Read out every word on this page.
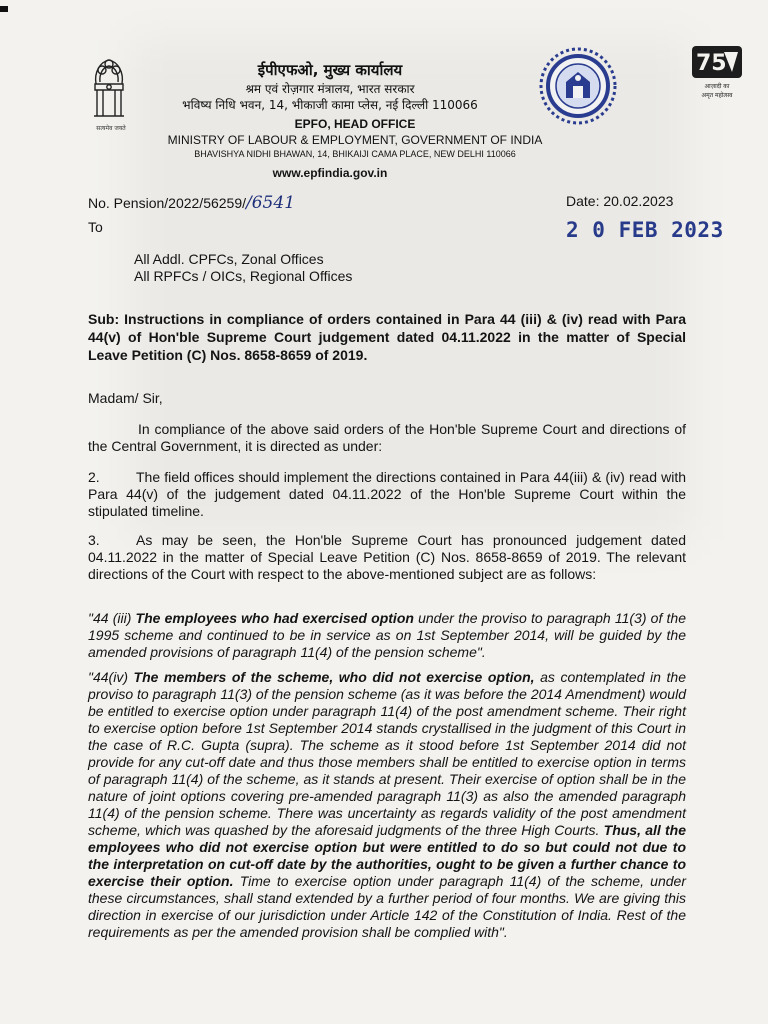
सत्यमेव जयते
ईपीएफओ, मुख्य कार्यालय
श्रम एवं रोज़गार मंत्रालय, भारत सरकार
भविष्य निधि भवन, 14, भीकाजी कामा प्लेस, नई दिल्ली 110066
EPFO, HEAD OFFICE
MINISTRY OF LABOUR & EMPLOYMENT, GOVERNMENT OF INDIA
BHAVISHYA NIDHI BHAWAN, 14, BHIKAIJI CAMA PLACE, NEW DELHI 110066
www.epfindia.gov.in
75
आज़ादी का
अमृत महोत्सव
No. Pension/2022/56259//6541	Date: 20.02.2023
To	2 0 FEB 2023
All Addl. CPFCs, Zonal Offices
All RPFCs / OICs, Regional Offices
Sub: Instructions in compliance of orders contained in Para 44 (iii) & (iv) read with Para 44(v) of Hon'ble Supreme Court judgement dated 04.11.2022 in the matter of Special Leave Petition (C) Nos. 8658-8659 of 2019.
Madam/ Sir,
In compliance of the above said orders of the Hon'ble Supreme Court and directions of the Central Government, it is directed as under:
2.	The field offices should implement the directions contained in Para 44(iii) & (iv) read with Para 44(v) of the judgement dated 04.11.2022 of the Hon'ble Supreme Court within the stipulated timeline.
3.	As may be seen, the Hon'ble Supreme Court has pronounced judgement dated 04.11.2022 in the matter of Special Leave Petition (C) Nos. 8658-8659 of 2019. The relevant directions of the Court with respect to the above-mentioned subject are as follows:
"44 (iii) The employees who had exercised option under the proviso to paragraph 11(3) of the 1995 scheme and continued to be in service as on 1st September 2014, will be guided by the amended provisions of paragraph 11(4) of the pension scheme".
"44(iv) The members of the scheme, who did not exercise option, as contemplated in the proviso to paragraph 11(3) of the pension scheme (as it was before the 2014 Amendment) would be entitled to exercise option under paragraph 11(4) of the post amendment scheme. Their right to exercise option before 1st September 2014 stands crystallised in the judgment of this Court in the case of R.C. Gupta (supra). The scheme as it stood before 1st September 2014 did not provide for any cut-off date and thus those members shall be entitled to exercise option in terms of paragraph 11(4) of the scheme, as it stands at present. Their exercise of option shall be in the nature of joint options covering pre-amended paragraph 11(3) as also the amended paragraph 11(4) of the pension scheme. There was uncertainty as regards validity of the post amendment scheme, which was quashed by the aforesaid judgments of the three High Courts. Thus, all the employees who did not exercise option but were entitled to do so but could not due to the interpretation on cut-off date by the authorities, ought to be given a further chance to exercise their option. Time to exercise option under paragraph 11(4) of the scheme, under these circumstances, shall stand extended by a further period of four months. We are giving this direction in exercise of our jurisdiction under Article 142 of the Constitution of India. Rest of the requirements as per the amended provision shall be complied with".
